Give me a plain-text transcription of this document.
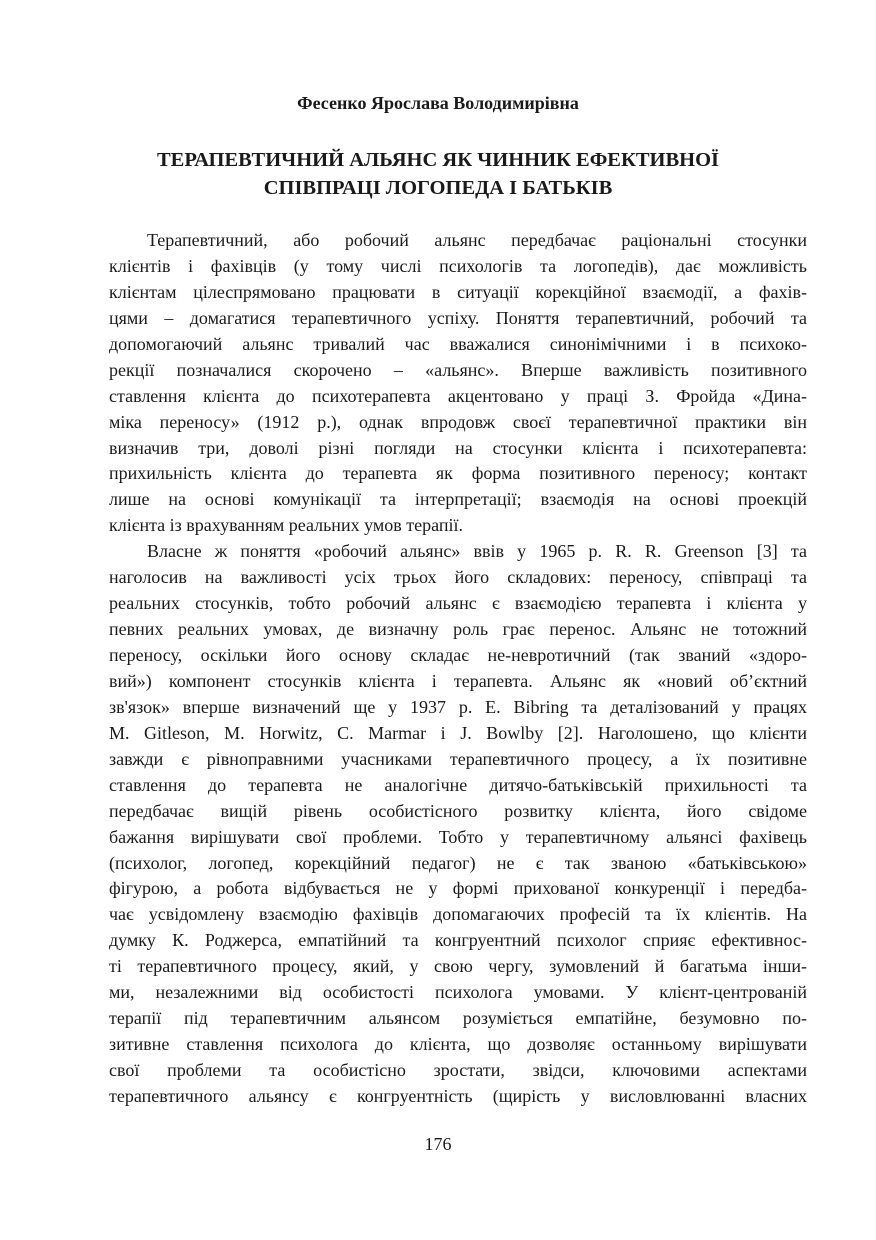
Фесенко Ярослава Володимирівна
ТЕРАПЕВТИЧНИЙ АЛЬЯНС ЯК ЧИННИК ЕФЕКТИВНОЇ
СПІВПРАЦІ ЛОГОПЕДА І БАТЬКІВ
Терапевтичний, або робочий альянс передбачає раціональні стосунки
клієнтів і фахівців (у тому числі психологів та логопедів), дає можливість
клієнтам цілеспрямовано працювати в ситуації корекційної взаємодії, а фахів-
цями – домагатися терапевтичного успіху. Поняття терапевтичний, робочий та
допомогаючий альянс тривалий час вважалися синонімічними і в психоко-
рекції позначалися скорочено – «альянс». Вперше важливість позитивного
ставлення клієнта до психотерапевта акцентовано у праці З. Фройда «Дина-
міка переносу» (1912 р.), однак впродовж своєї терапевтичної практики він
визначив три, доволі різні погляди на стосунки клієнта і психотерапевта:
прихильність клієнта до терапевта як форма позитивного переносу; контакт
лише на основі комунікації та інтерпретації; взаємодія на основі проекцій
клієнта із врахуванням реальних умов терапії.
Власне ж поняття «робочий альянс» ввів у 1965 р. R. R. Greenson [3] та
наголосив на важливості усіх трьох його складових: переносу, співпраці та
реальних стосунків, тобто робочий альянс є взаємодією терапевта і клієнта у
певних реальних умовах, де визначну роль грає перенос. Альянс не тотожний
переносу, оскільки його основу складає не-невротичний (так званий «здоро-
вий») компонент стосунків клієнта і терапевта. Альянс як «новий об’єктний
зв'язок» вперше визначений ще у 1937 р. E. Bibring та деталізований у працях
M. Gitleson, M. Horwitz, C. Marmar і J. Bowlby [2]. Наголошено, що клієнти
завжди є рівноправними учасниками терапевтичного процесу, а їх позитивне
ставлення до терапевта не аналогічне дитячо-батьківській прихильності та
передбачає вищій рівень особистісного розвитку клієнта, його свідоме
бажання вирішувати свої проблеми. Тобто у терапевтичному альянсі фахівець
(психолог, логопед, корекційний педагог) не є так званою «батьківською»
фігурою, а робота відбувається не у формі прихованої конкуренції і передба-
чає усвідомлену взаємодію фахівців допомагаючих професій та їх клієнтів. На
думку К. Роджерса, емпатійний та конгруентний психолог сприяє ефективнос-
ті терапевтичного процесу, який, у свою чергу, зумовлений й багатьма інши-
ми, незалежними від особистості психолога умовами. У клієнт-центрованій
терапії під терапевтичним альянсом розуміється емпатійне, безумовно по-
зитивне ставлення психолога до клієнта, що дозволяє останньому вирішувати
свої проблеми та особистісно зростати, звідси, ключовими аспектами
терапевтичного альянсу є конгруентність (щирість у висловлюванні власних
176
